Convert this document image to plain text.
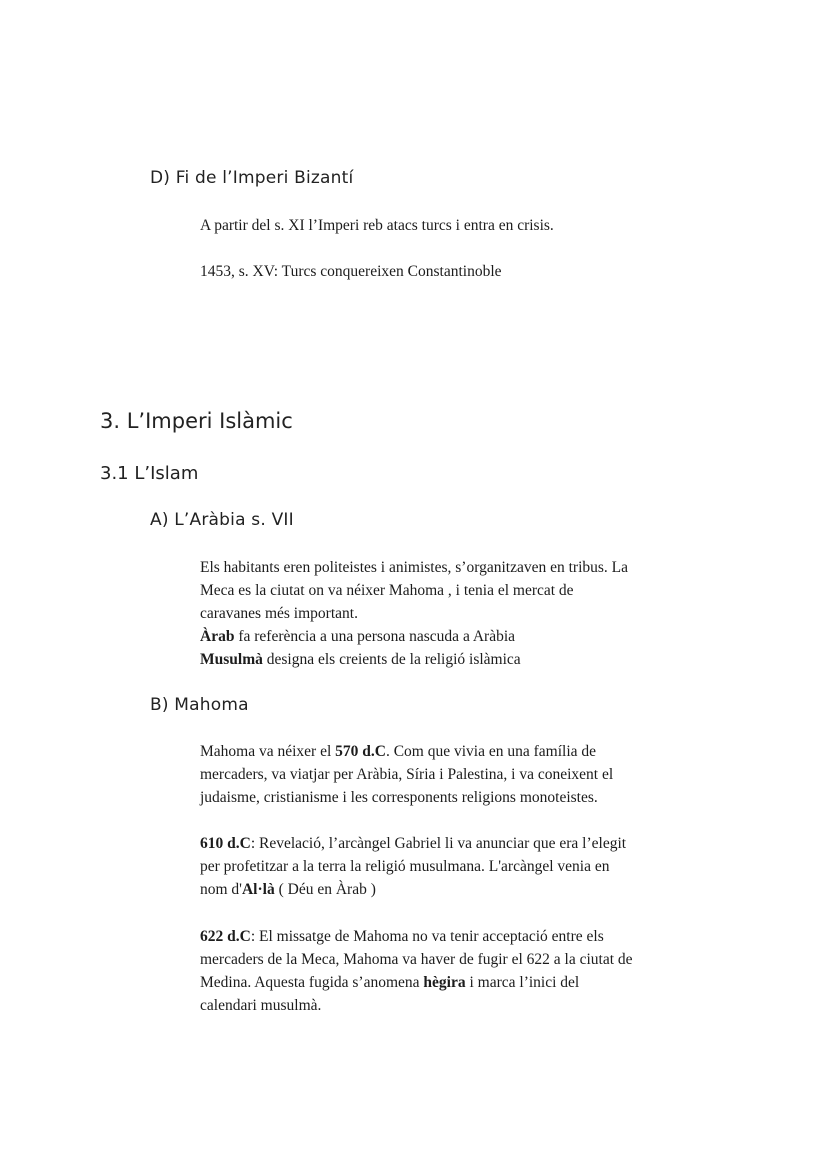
D) Fi de l’Imperi Bizantí

A partir del s. XI l’Imperi reb atacs turcs i entra en crisis.

1453, s. XV: Turcs conquereixen Constantinoble

3. L’Imperi Islàmic
3.1 L’Islam
A) L’Aràbia s. VII
Els habitants eren politeistes i animistes, s’organitzaven en tribus. La
Meca es la ciutat on va néixer Mahoma , i tenia el mercat de
caravanes més important.
Àrab fa referència a una persona nascuda a Aràbia
Musulmà designa els creients de la religió islàmica
B) Mahoma
Mahoma va néixer el 570 d.C. Com que vivia en una família de
mercaders, va viatjar per Aràbia, Síria i Palestina, i va coneixent el
judaisme, cristianisme i les corresponents religions monoteistes.
610 d.C: Revelació, l’arcàngel Gabriel li va anunciar que era l’elegit
per profetitzar a la terra la religió musulmana. L'arcàngel venia en
nom d'Al·là ( Déu en Àrab )
622 d.C: El missatge de Mahoma no va tenir acceptació entre els
mercaders de la Meca, Mahoma va haver de fugir el 622 a la ciutat de
Medina. Aquesta fugida s’anomena hègira i marca l’inici del
calendari musulmà.
